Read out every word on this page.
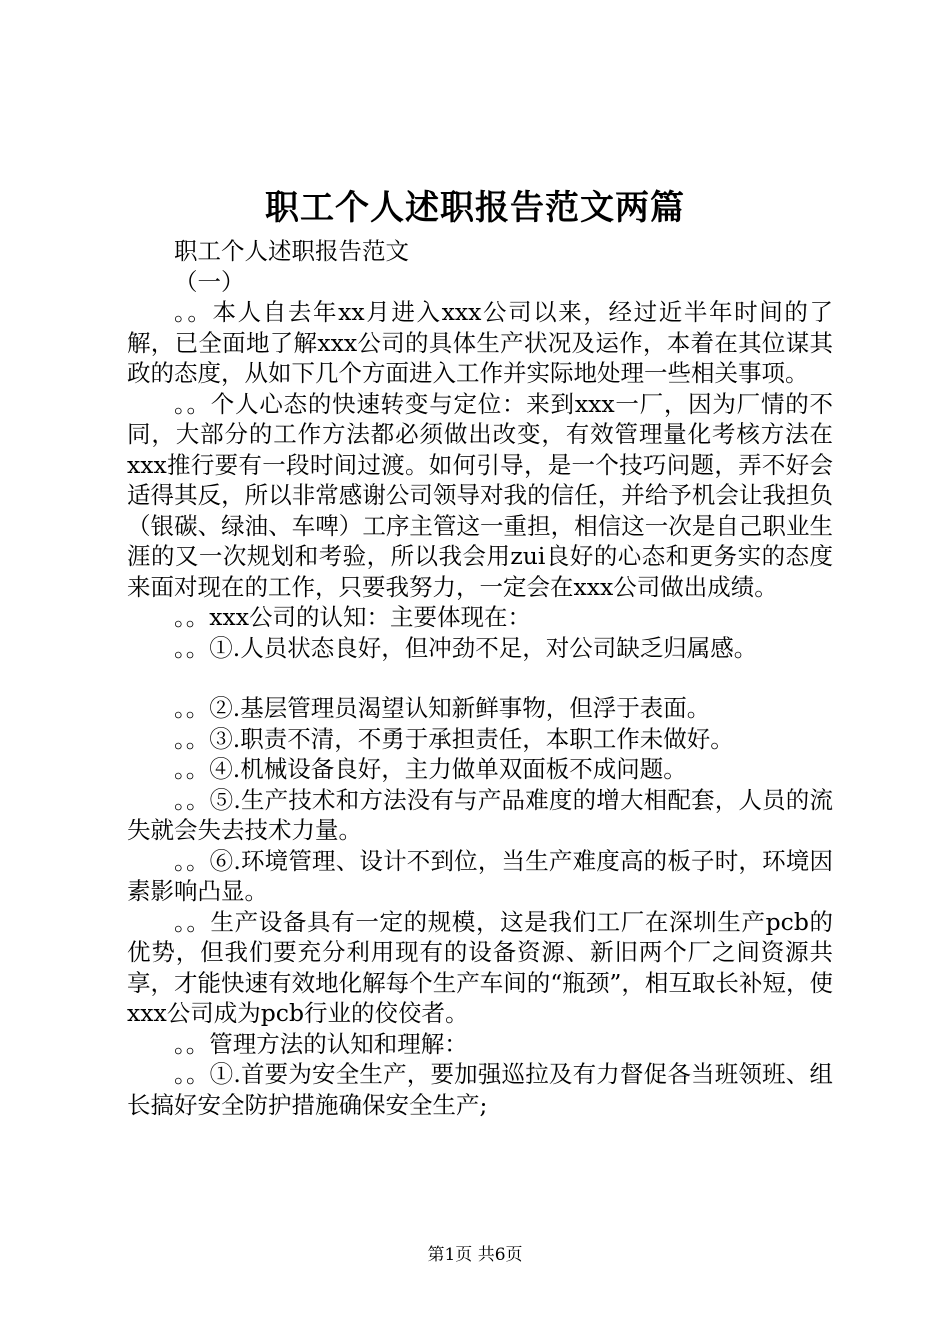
职工个人述职报告范文两篇

职工个人述职报告范文

（一）

。。本人自去年xx月进入xxx公司以来，经过近半年时间的了解，已全面地了解xxx公司的具体生产状况及运作，本着在其位谋其政的态度，从如下几个方面进入工作并实际地处理一些相关事项。

。。个人心态的快速转变与定位：来到xxx一厂，因为厂情的不同，大部分的工作方法都必须做出改变，有效管理量化考核方法在xxx推行要有一段时间过渡。如何引导，是一个技巧问题，弄不好会适得其反，所以非常感谢公司领导对我的信任，并给予机会让我担负（银碳、绿油、车啤）工序主管这一重担，相信这一次是自己职业生涯的又一次规划和考验，所以我会用zui良好的心态和更务实的态度来面对现在的工作，只要我努力，一定会在xxx公司做出成绩。

。。xxx公司的认知：主要体现在：

。。①.人员状态良好，但冲劲不足，对公司缺乏归属感。

。。②.基层管理员渴望认知新鲜事物，但浮于表面。

。。③.职责不清，不勇于承担责任，本职工作未做好。

。。④.机械设备良好，主力做单双面板不成问题。

。。⑤.生产技术和方法没有与产品难度的增大相配套，人员的流失就会失去技术力量。

。。⑥.环境管理、设计不到位，当生产难度高的板子时，环境因素影响凸显。

。。生产设备具有一定的规模，这是我们工厂在深圳生产pcb的优势，但我们要充分利用现有的设备资源、新旧两个厂之间资源共享，才能快速有效地化解每个生产车间的“瓶颈”，相互取长补短，使xxx公司成为pcb行业的佼佼者。

。。管理方法的认知和理解：

。。①.首要为安全生产，要加强巡拉及有力督促各当班领班、组长搞好安全防护措施确保安全生产;

第1页 共6页
